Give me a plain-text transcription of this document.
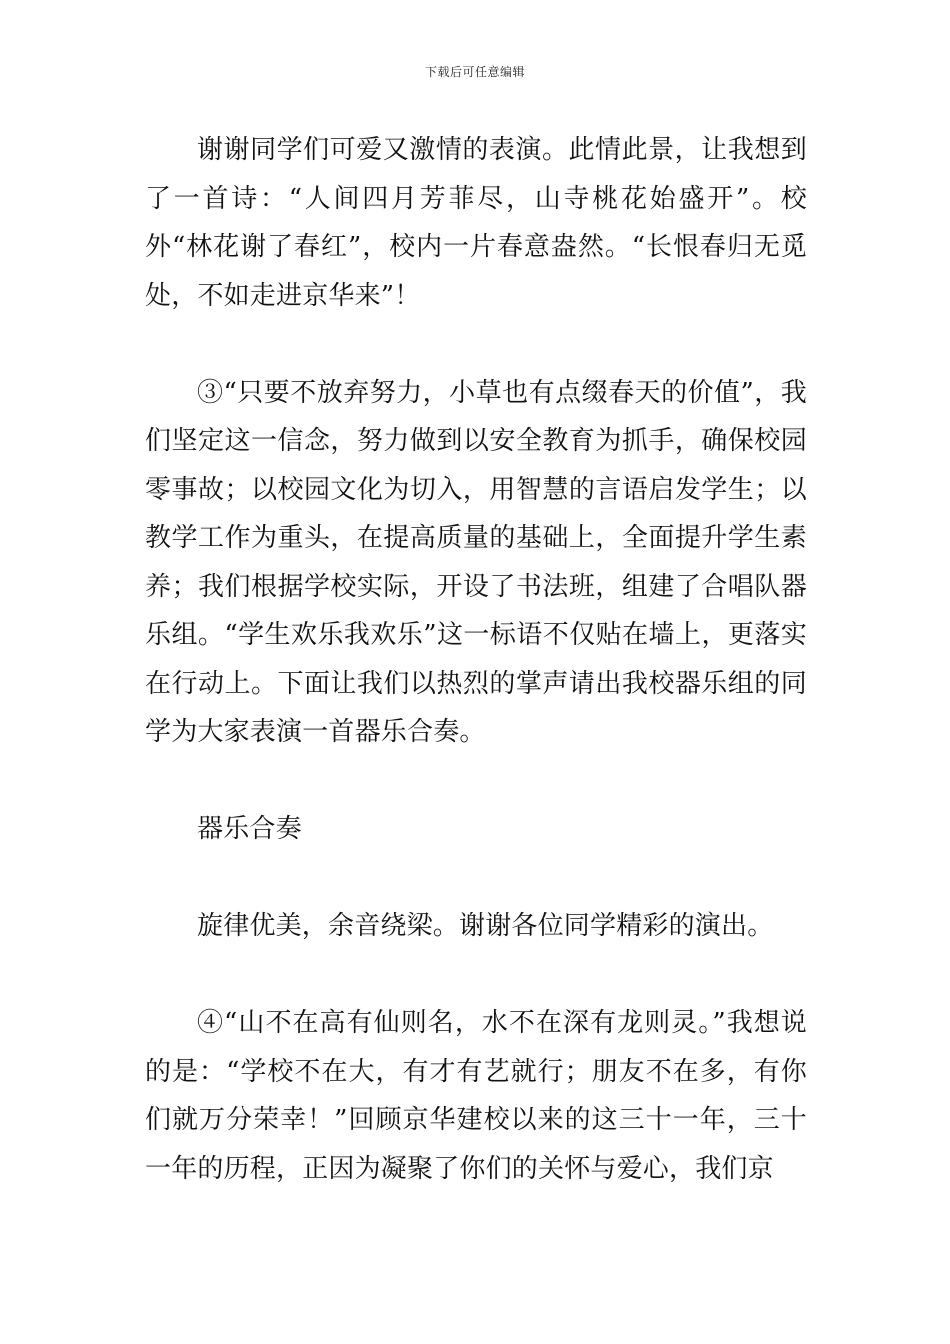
下载后可任意编辑

谢谢同学们可爱又激情的表演。此情此景，让我想到了一首诗：“人间四月芳菲尽，山寺桃花始盛开”。校外“林花谢了春红”，校内一片春意盎然。“长恨春归无觅处，不如走进京华来”！

③“只要不放弃努力，小草也有点缀春天的价值”，我们坚定这一信念，努力做到以安全教育为抓手，确保校园零事故；以校园文化为切入，用智慧的言语启发学生；以教学工作为重头，在提高质量的基础上，全面提升学生素养；我们根据学校实际，开设了书法班，组建了合唱队器乐组。“学生欢乐我欢乐”这一标语不仅贴在墙上，更落实在行动上。下面让我们以热烈的掌声请出我校器乐组的同学为大家表演一首器乐合奏。

器乐合奏

旋律优美，余音绕梁。谢谢各位同学精彩的演出。

④“山不在高有仙则名，水不在深有龙则灵。”我想说的是：“学校不在大，有才有艺就行；朋友不在多，有你们就万分荣幸！”回顾京华建校以来的这三十一年，三十一年的历程，正因为凝聚了你们的关怀与爱心，我们京
